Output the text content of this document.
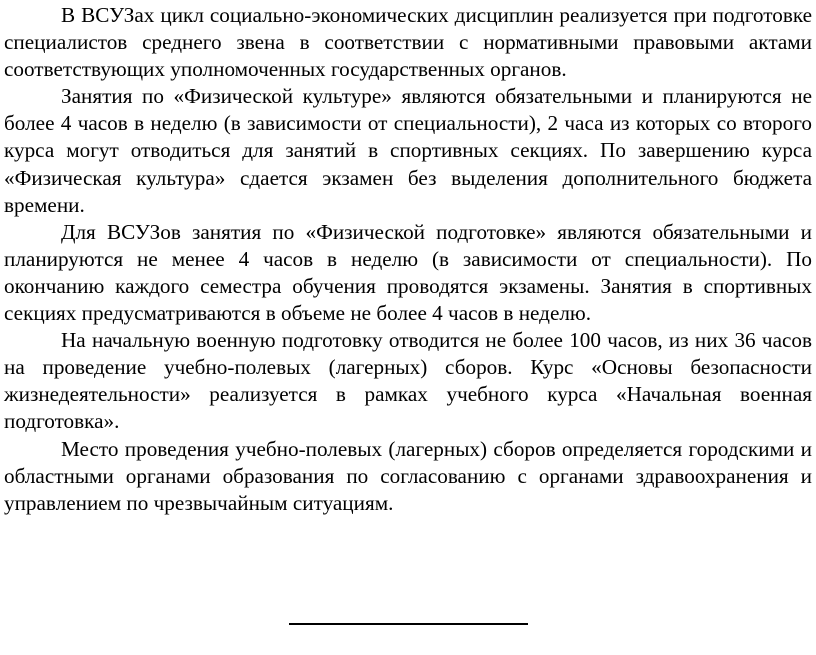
В ВСУЗах цикл социально-экономических дисциплин реализуется при подготовке специалистов среднего звена в соответствии с нормативными правовыми актами соответствующих уполномоченных государственных органов.

Занятия по «Физической культуре» являются обязательными и планируются не более 4 часов в неделю (в зависимости от специальности), 2 часа из которых со второго курса могут отводиться для занятий в спортивных секциях. По завершению курса «Физическая культура» сдается экзамен без выделения дополнительного бюджета времени.

Для ВСУЗов занятия по «Физической подготовке» являются обязательными и планируются не менее 4 часов в неделю (в зависимости от специальности). По окончанию каждого семестра обучения проводятся экзамены. Занятия в спортивных секциях предусматриваются в объеме не более 4 часов в неделю.

На начальную военную подготовку отводится не более 100 часов, из них 36 часов на проведение учебно-полевых (лагерных) сборов. Курс «Основы безопасности жизнедеятельности» реализуется в рамках учебного курса «Начальная военная подготовка».

Место проведения учебно-полевых (лагерных) сборов определяется городскими и областными органами образования по согласованию с органами здравоохранения и управлением по чрезвычайным ситуациям.
